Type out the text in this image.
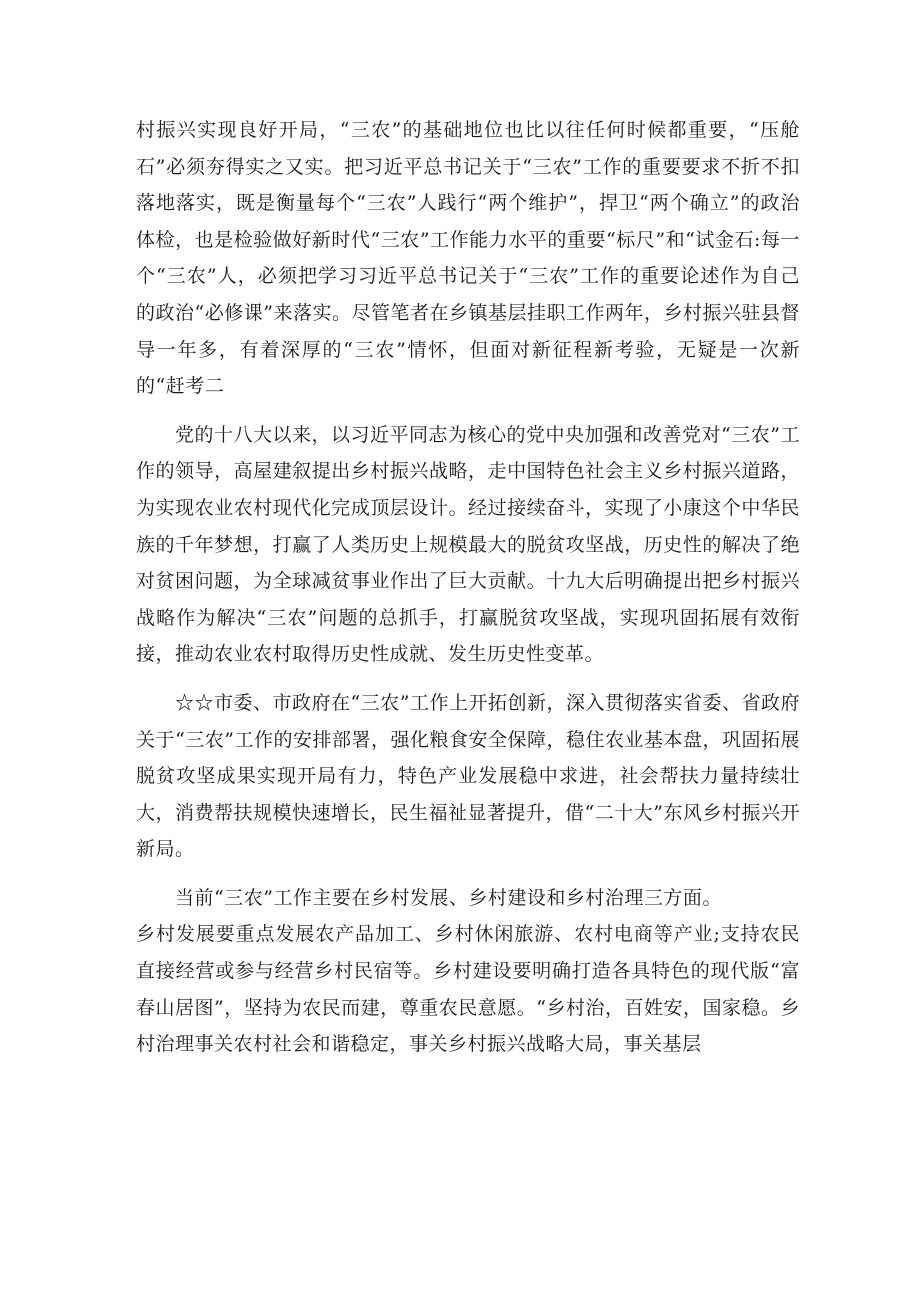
村振兴实现良好开局，“三农”的基础地位也比以往任何时候都重要，“压舱石”必须夯得实之又实。把习近平总书记关于“三农”工作的重要要求不折不扣落地落实，既是衡量每个“三农”人践行“两个维护”，捍卫“两个确立”的政治体检，也是检验做好新时代“三农”工作能力水平的重要“标尺”和“试金石:每一个“三农”人，必须把学习习近平总书记关于“三农”工作的重要论述作为自己的政治“必修课”来落实。尽管笔者在乡镇基层挂职工作两年，乡村振兴驻县督导一年多，有着深厚的“三农”情怀，但面对新征程新考验，无疑是一次新的“赶考二

　　党的十八大以来，以习近平同志为核心的党中央加强和改善党对“三农”工作的领导，高屋建叙提出乡村振兴战略，走中国特色社会主义乡村振兴道路，为实现农业农村现代化完成顶层设计。经过接续奋斗，实现了小康这个中华民族的千年梦想，打赢了人类历史上规模最大的脱贫攻坚战，历史性的解决了绝对贫困问题，为全球减贫事业作出了巨大贡献。十九大后明确提出把乡村振兴战略作为解决“三农”问题的总抓手，打赢脱贫攻坚战，实现巩固拓展有效衔接，推动农业农村取得历史性成就、发生历史性变革。

　　☆☆市委、市政府在“三农”工作上开拓创新，深入贯彻落实省委、省政府关于“三农”工作的安排部署，强化粮食安全保障，稳住农业基本盘，巩固拓展脱贫攻坚成果实现开局有力，特色产业发展稳中求进，社会帮扶力量持续壮大，消费帮扶规模快速增长，民生福祉显著提升，借“二十大”东风乡村振兴开新局。

　　当前“三农”工作主要在乡村发展、乡村建设和乡村治理三方面。
乡村发展要重点发展农产品加工、乡村休闲旅游、农村电商等产业;支持农民直接经营或参与经营乡村民宿等。乡村建设要明确打造各具特色的现代版“富春山居图”，坚持为农民而建，尊重农民意愿。“乡村治，百姓安，国家稳。乡村治理事关农村社会和谐稳定，事关乡村振兴战略大局，事关基层
